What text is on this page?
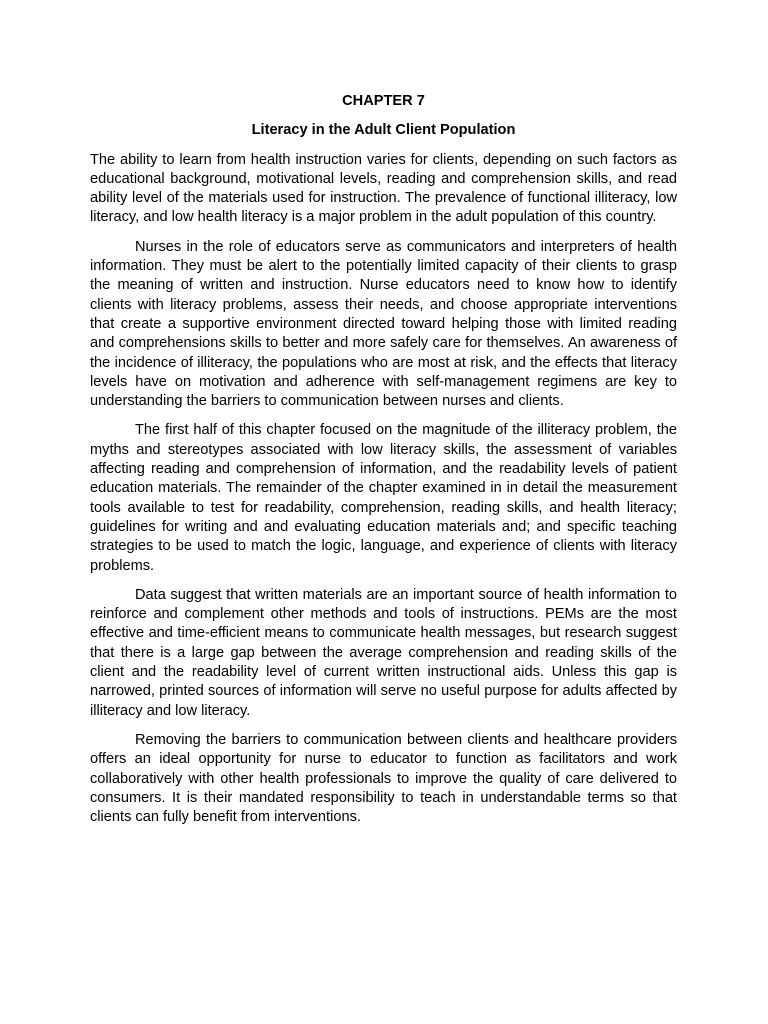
CHAPTER 7

Literacy in the Adult Client Population

The ability to learn from health instruction varies for clients, depending on such factors as educational background, motivational levels, reading and comprehension skills, and read ability level of the materials used for instruction. The prevalence of functional illiteracy, low literacy, and low health literacy is a major problem in the adult population of this country.

Nurses in the role of educators serve as communicators and interpreters of health information. They must be alert to the potentially limited capacity of their clients to grasp the meaning of written and instruction. Nurse educators need to know how to identify clients with literacy problems, assess their needs, and choose appropriate interventions that create a supportive environment directed toward helping those with limited reading and comprehensions skills to better and more safely care for themselves. An awareness of the incidence of illiteracy, the populations who are most at risk, and the effects that literacy levels have on motivation and adherence with self-management regimens are key to understanding the barriers to communication between nurses and clients.

The first half of this chapter focused on the magnitude of the illiteracy problem, the myths and stereotypes associated with low literacy skills, the assessment of variables affecting reading and comprehension of information, and the readability levels of patient education materials. The remainder of the chapter examined in in detail the measurement tools available to test for readability, comprehension, reading skills, and health literacy; guidelines for writing and and evaluating education materials and; and specific teaching strategies to be used to match the logic, language, and experience of clients with literacy problems.

Data suggest that written materials are an important source of health information to reinforce and complement other methods and tools of instructions. PEMs are the most effective and time-efficient means to communicate health messages, but research suggest that there is a large gap between the average comprehension and reading skills of the client and the readability level of current written instructional aids. Unless this gap is narrowed, printed sources of information will serve no useful purpose for adults affected by illiteracy and low literacy.

Removing the barriers to communication between clients and healthcare providers offers an ideal opportunity for nurse to educator to function as facilitators and work collaboratively with other health professionals to improve the quality of care delivered to consumers. It is their mandated responsibility to teach in understandable terms so that clients can fully benefit from interventions.
